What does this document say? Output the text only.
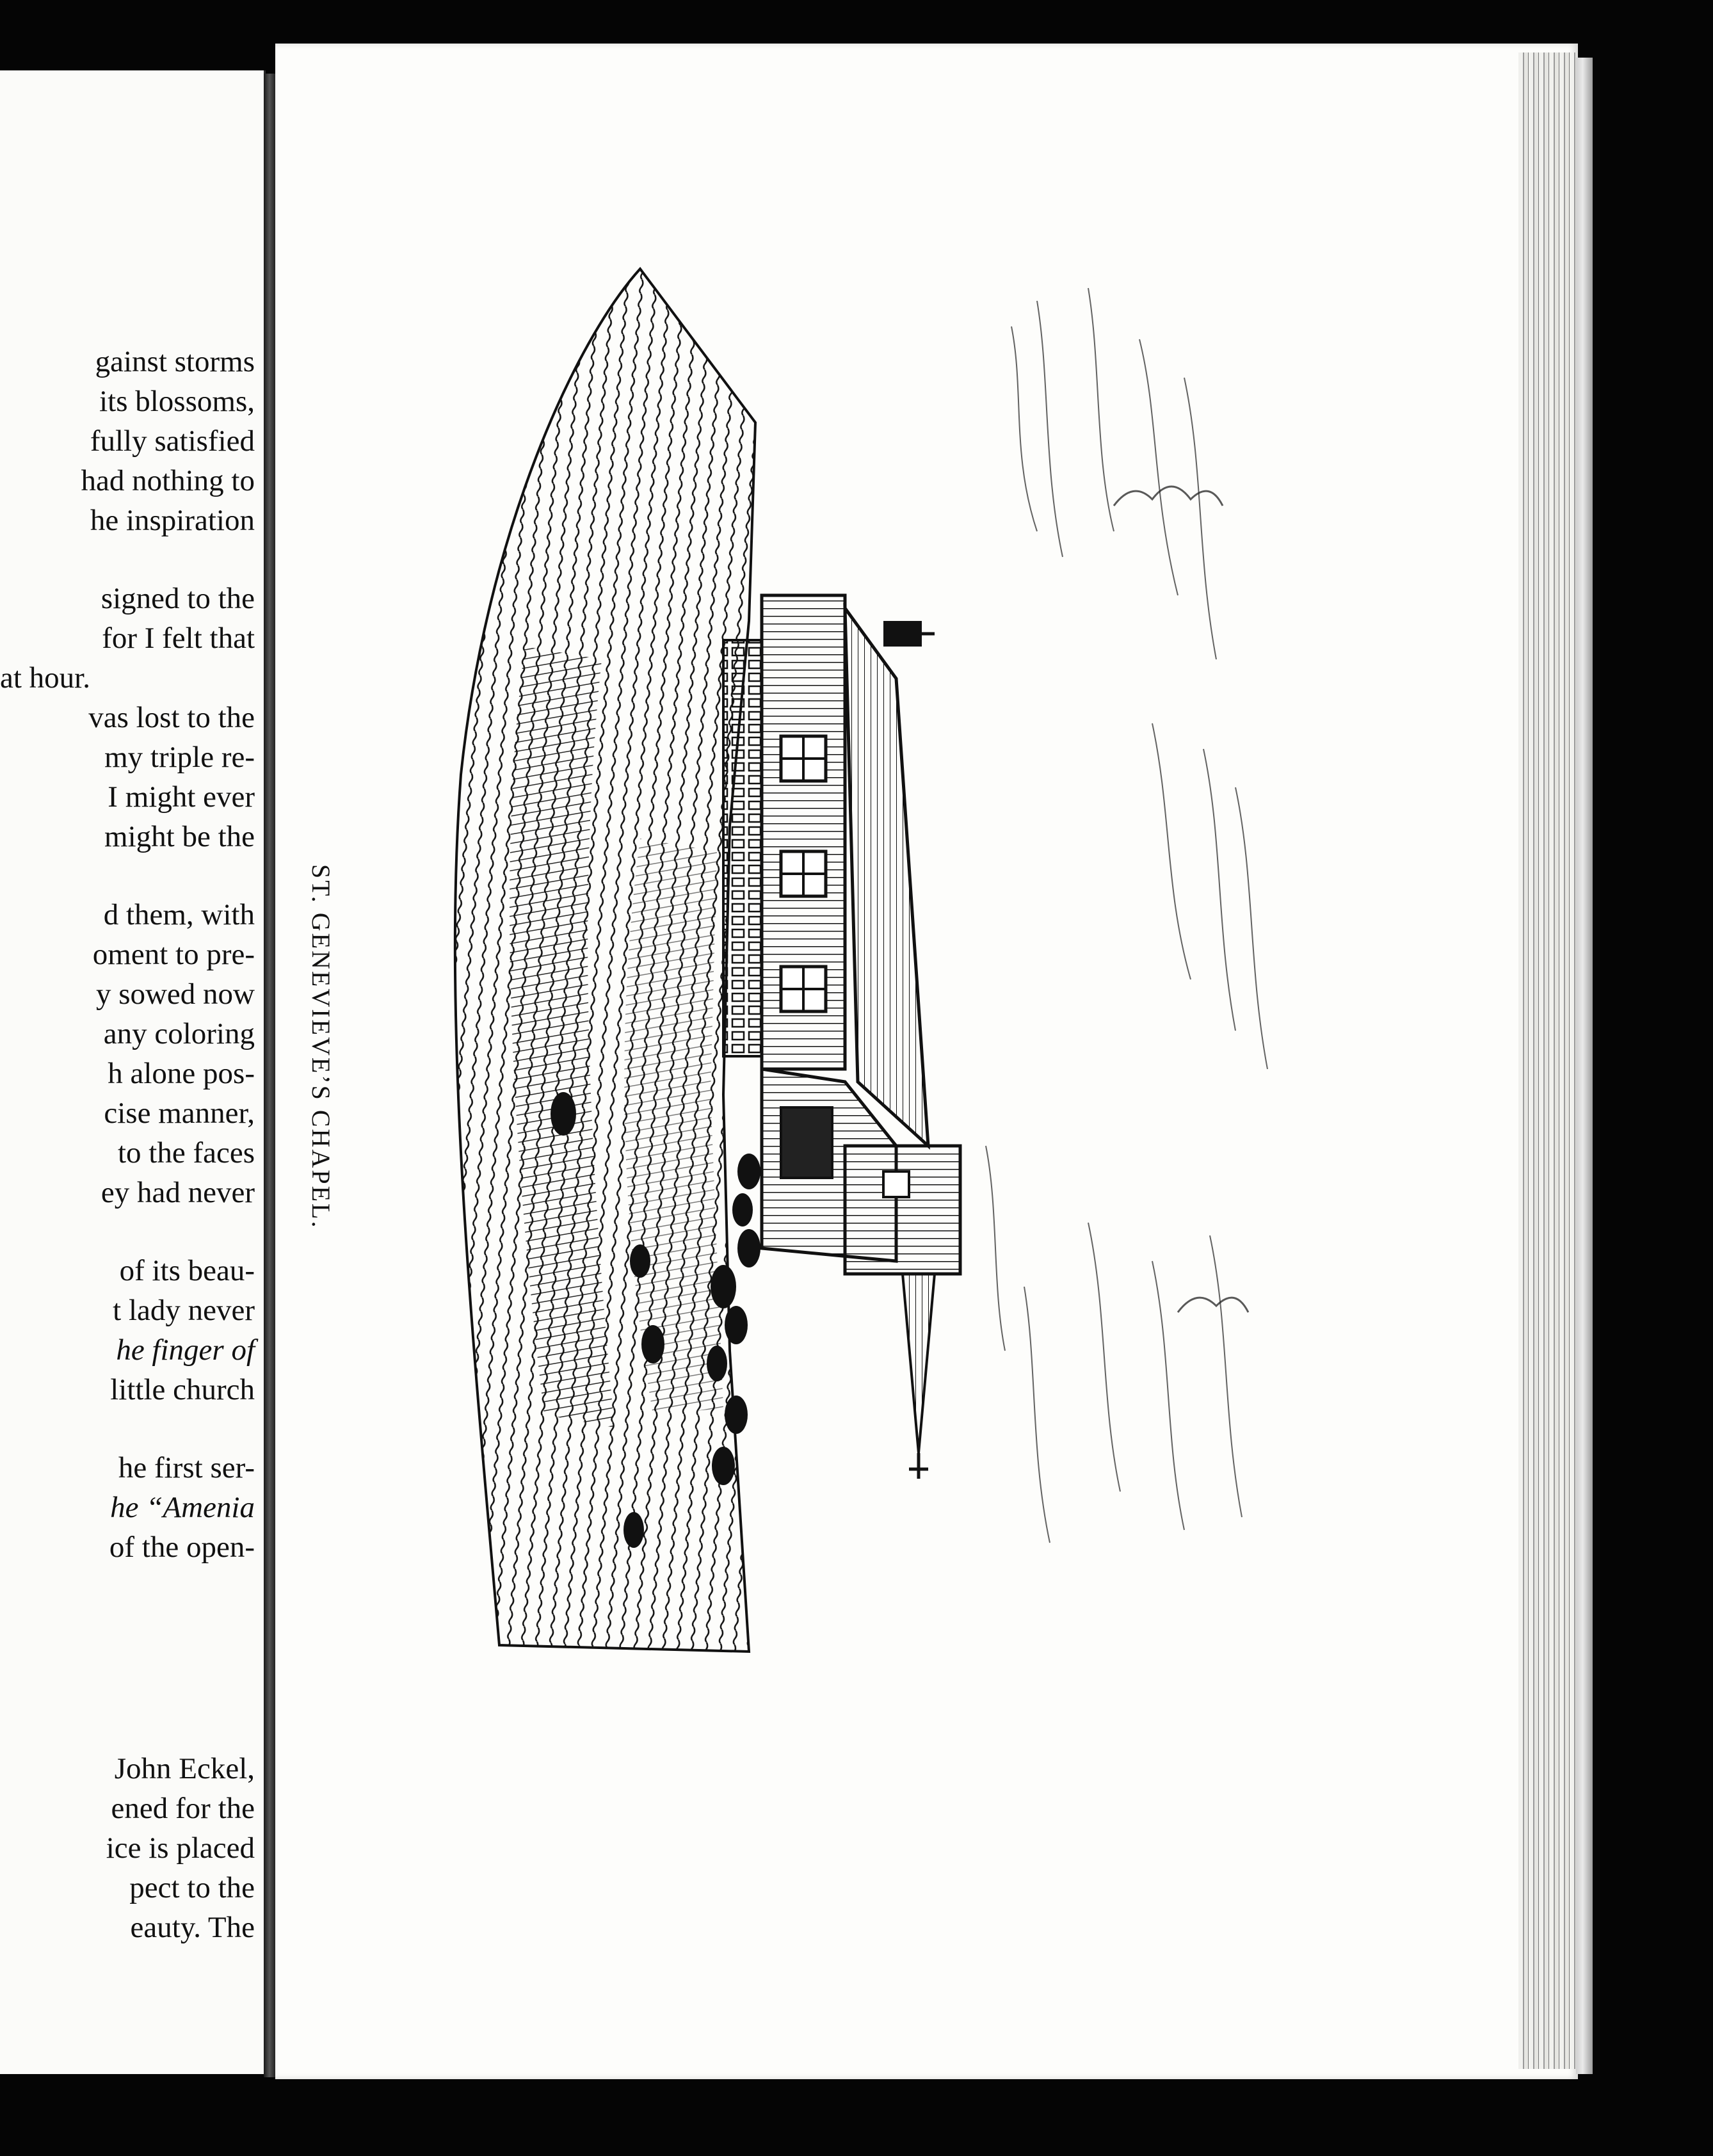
gainst storms
its blossoms,
fully satisfied
had nothing to
he inspiration
signed to the
for I felt that
at hour.
vas lost to the
my triple re-
I might ever
might be the
d them, with
oment to pre-
y sowed now
any coloring
h alone pos-
cise manner,
to the faces
ey had never
of its beau-
t lady never
he finger of
little church
he first ser-
he “Amenia
of the open-
John Eckel,
ened for the
ice is placed
pect to the
eauty. The
ST. GENEVIEVE’S CHAPEL.
